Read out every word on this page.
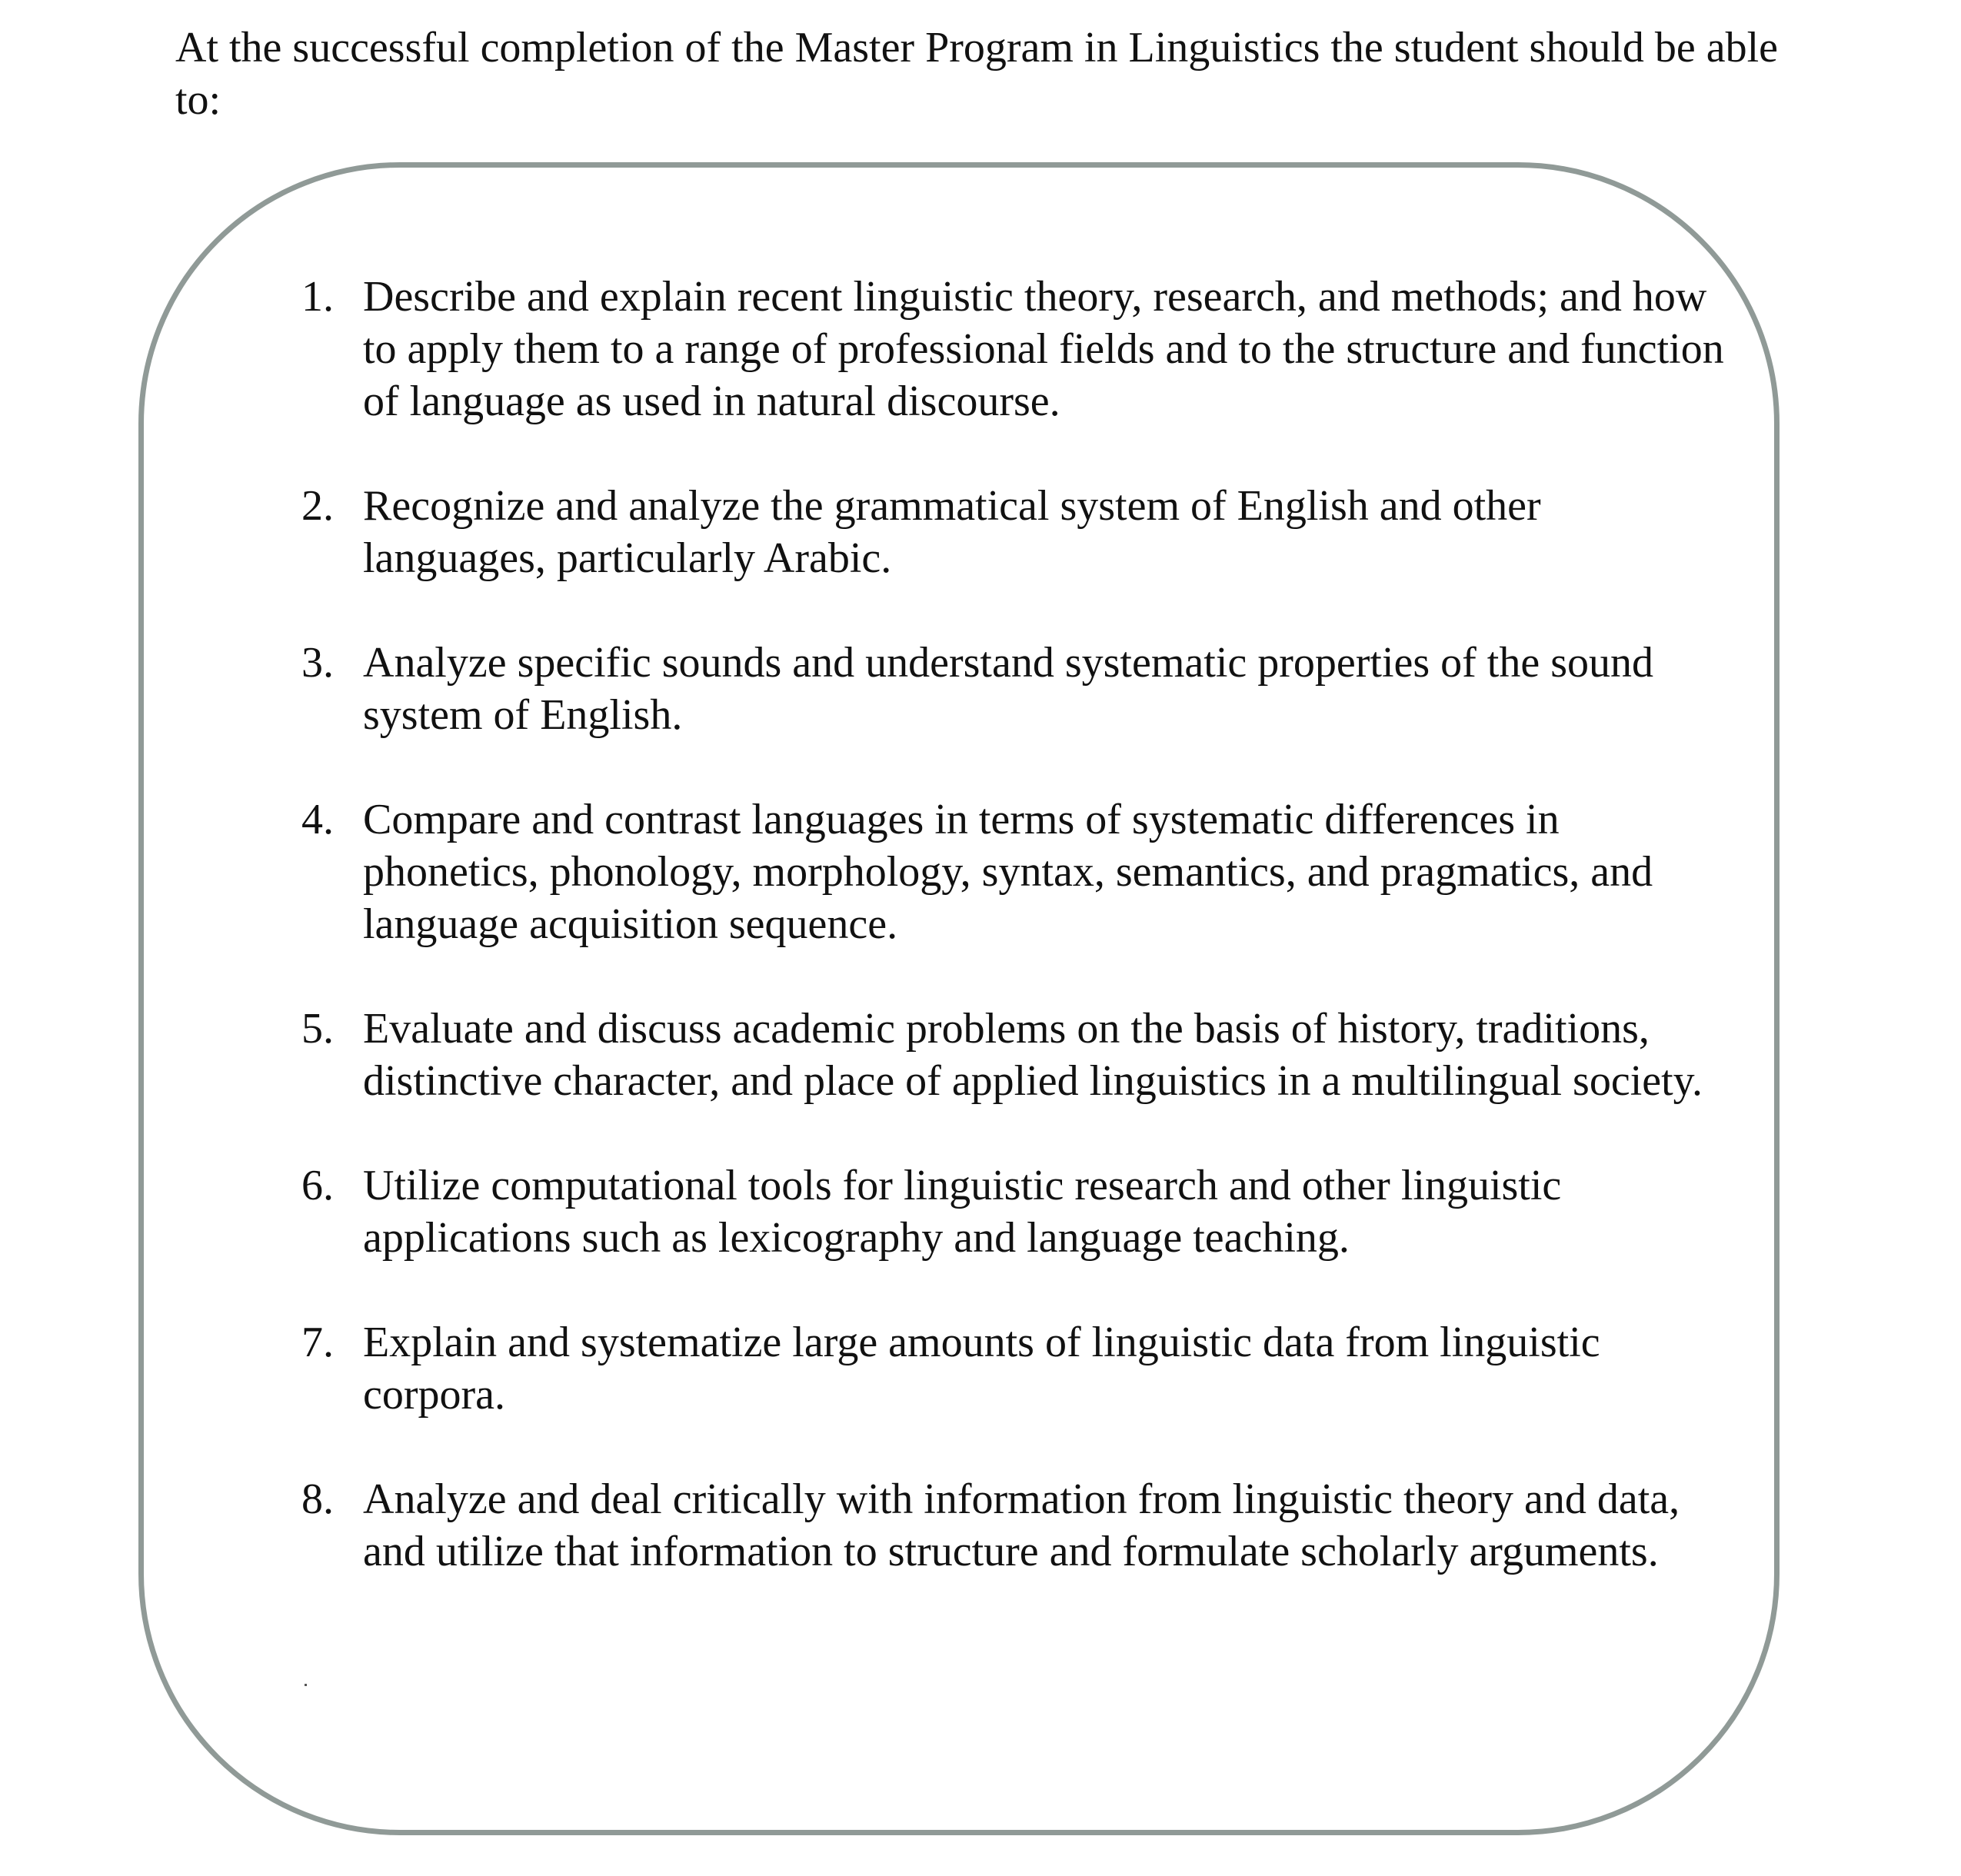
At the successful completion of the Master Program in Linguistics the student should be able to:

1. Describe and explain recent linguistic theory, research, and methods; and how to apply them to a range of professional fields and to the structure and function of language as used in natural discourse.
2. Recognize and analyze the grammatical system of English and other languages, particularly Arabic.
3. Analyze specific sounds and understand systematic properties of the sound system of English.
4. Compare and contrast languages in terms of systematic differences in phonetics, phonology, morphology, syntax, semantics, and pragmatics, and language acquisition sequence.
5. Evaluate and discuss academic problems on the basis of history, traditions, distinctive character, and place of applied linguistics in a multilingual society.
6. Utilize computational tools for linguistic research and other linguistic applications such as lexicography and language teaching.
7. Explain and systematize large amounts of linguistic data from linguistic corpora.
8. Analyze and deal critically with information from linguistic theory and data, and utilize that information to structure and formulate scholarly arguments.
